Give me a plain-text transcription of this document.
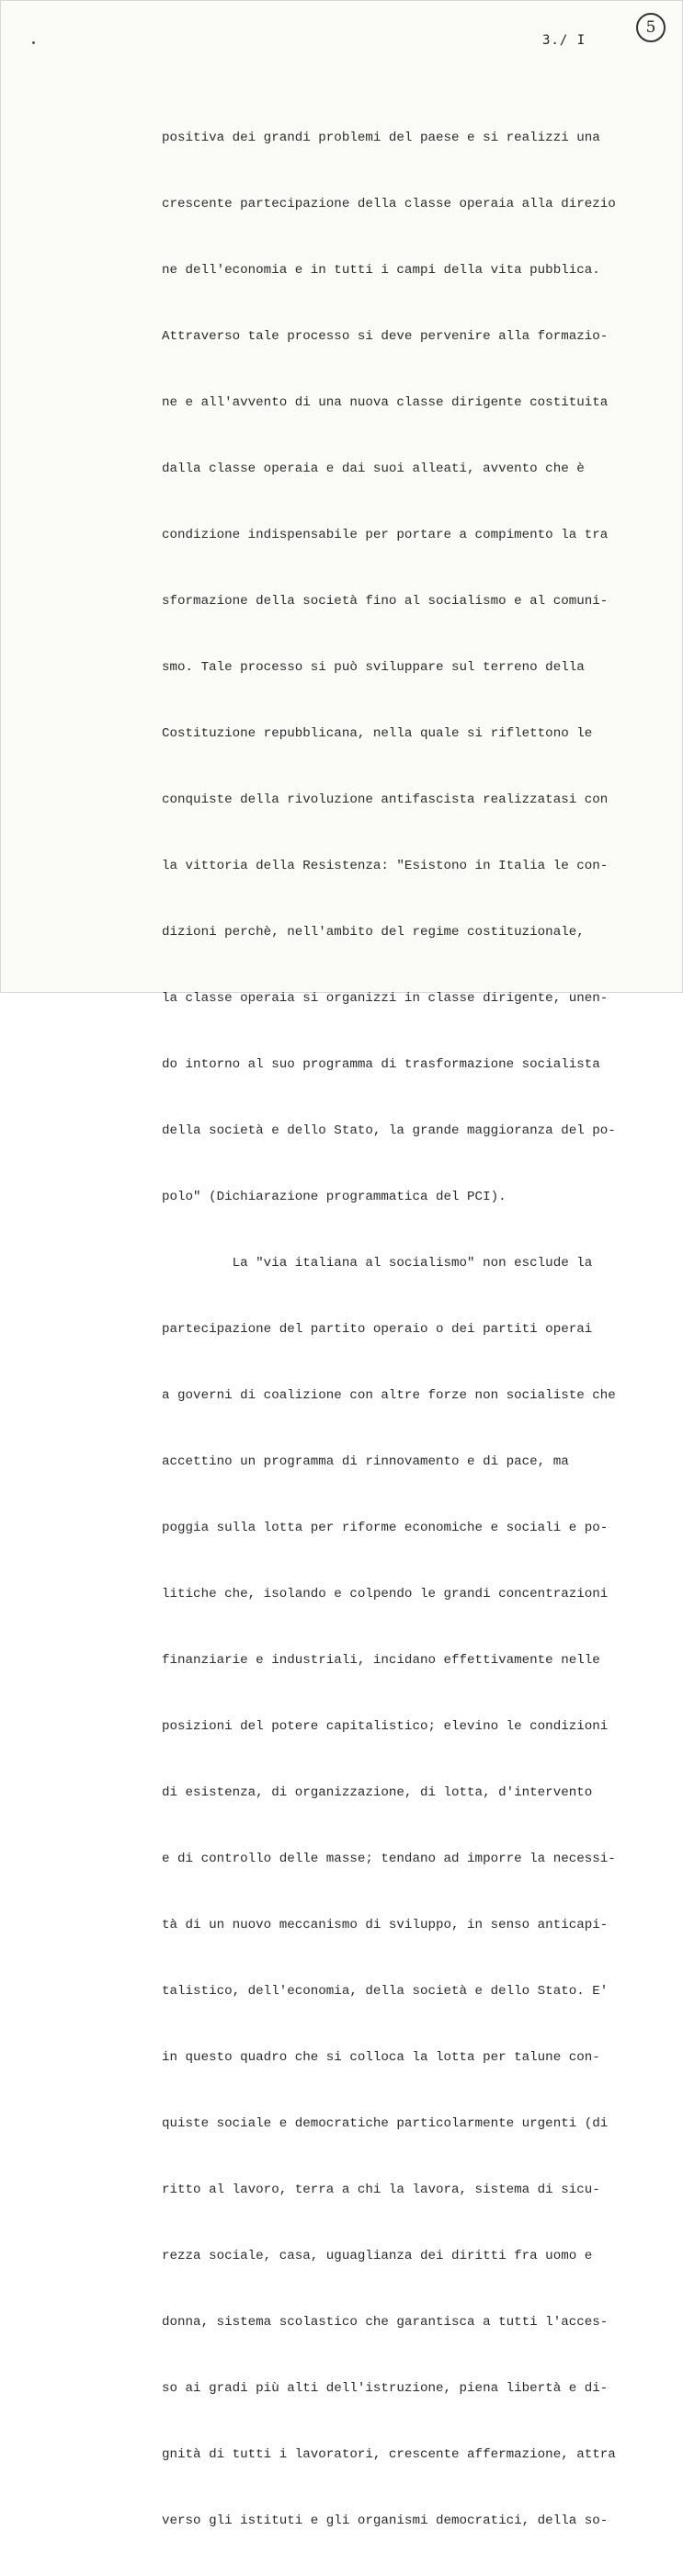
5
3./ I

positiva dei grandi problemi del paese e si realizzi una

crescente partecipazione della classe operaia alla direzio

ne dell'economia e in tutti i campi della vita pubblica.

Attraverso tale processo si deve pervenire alla formazio-

ne e all'avvento di una nuova classe dirigente costituita

dalla classe operaia e dai suoi alleati, avvento che è

condizione indispensabile per portare a compimento la tra

sformazione della società fino al socialismo e al comuni-

smo. Tale processo si può sviluppare sul terreno della

Costituzione repubblicana, nella quale si riflettono le

conquiste della rivoluzione antifascista realizzatasi con

la vittoria della Resistenza: "Esistono in Italia le con-

dizioni perchè, nell'ambito del regime costituzionale,

la classe operaia si organizzi in classe dirigente, unen-

do intorno al suo programma di trasformazione socialista

della società e dello Stato, la grande maggioranza del po-

polo" (Dichiarazione programmatica del PCI).

La "via italiana al socialismo" non esclude la

partecipazione del partito operaio o dei partiti operai

a governi di coalizione con altre forze non socialiste che

accettino un programma di rinnovamento e di pace, ma

poggia sulla lotta per riforme economiche e sociali e po-

litiche che, isolando e colpendo le grandi concentrazioni

finanziarie e industriali, incidano effettivamente nelle

posizioni del potere capitalistico; elevino le condizioni

di esistenza, di organizzazione, di lotta, d'intervento

e di controllo delle masse; tendano ad imporre la necessi-

tà di un nuovo meccanismo di sviluppo, in senso anticapi-

talistico, dell'economia, della società e dello Stato. E'

in questo quadro che si colloca la lotta per talune con-

quiste sociale e democratiche particolarmente urgenti (di

ritto al lavoro, terra a chi la lavora, sistema di sicu-

rezza sociale, casa, uguaglianza dei diritti fra uomo e

donna, sistema scolastico che garantisca a tutti l'acces-

so ai gradi più alti dell'istruzione, piena libertà e di-

gnità di tutti i lavoratori, crescente affermazione, attra

verso gli istituti e gli organismi democratici, della so-
